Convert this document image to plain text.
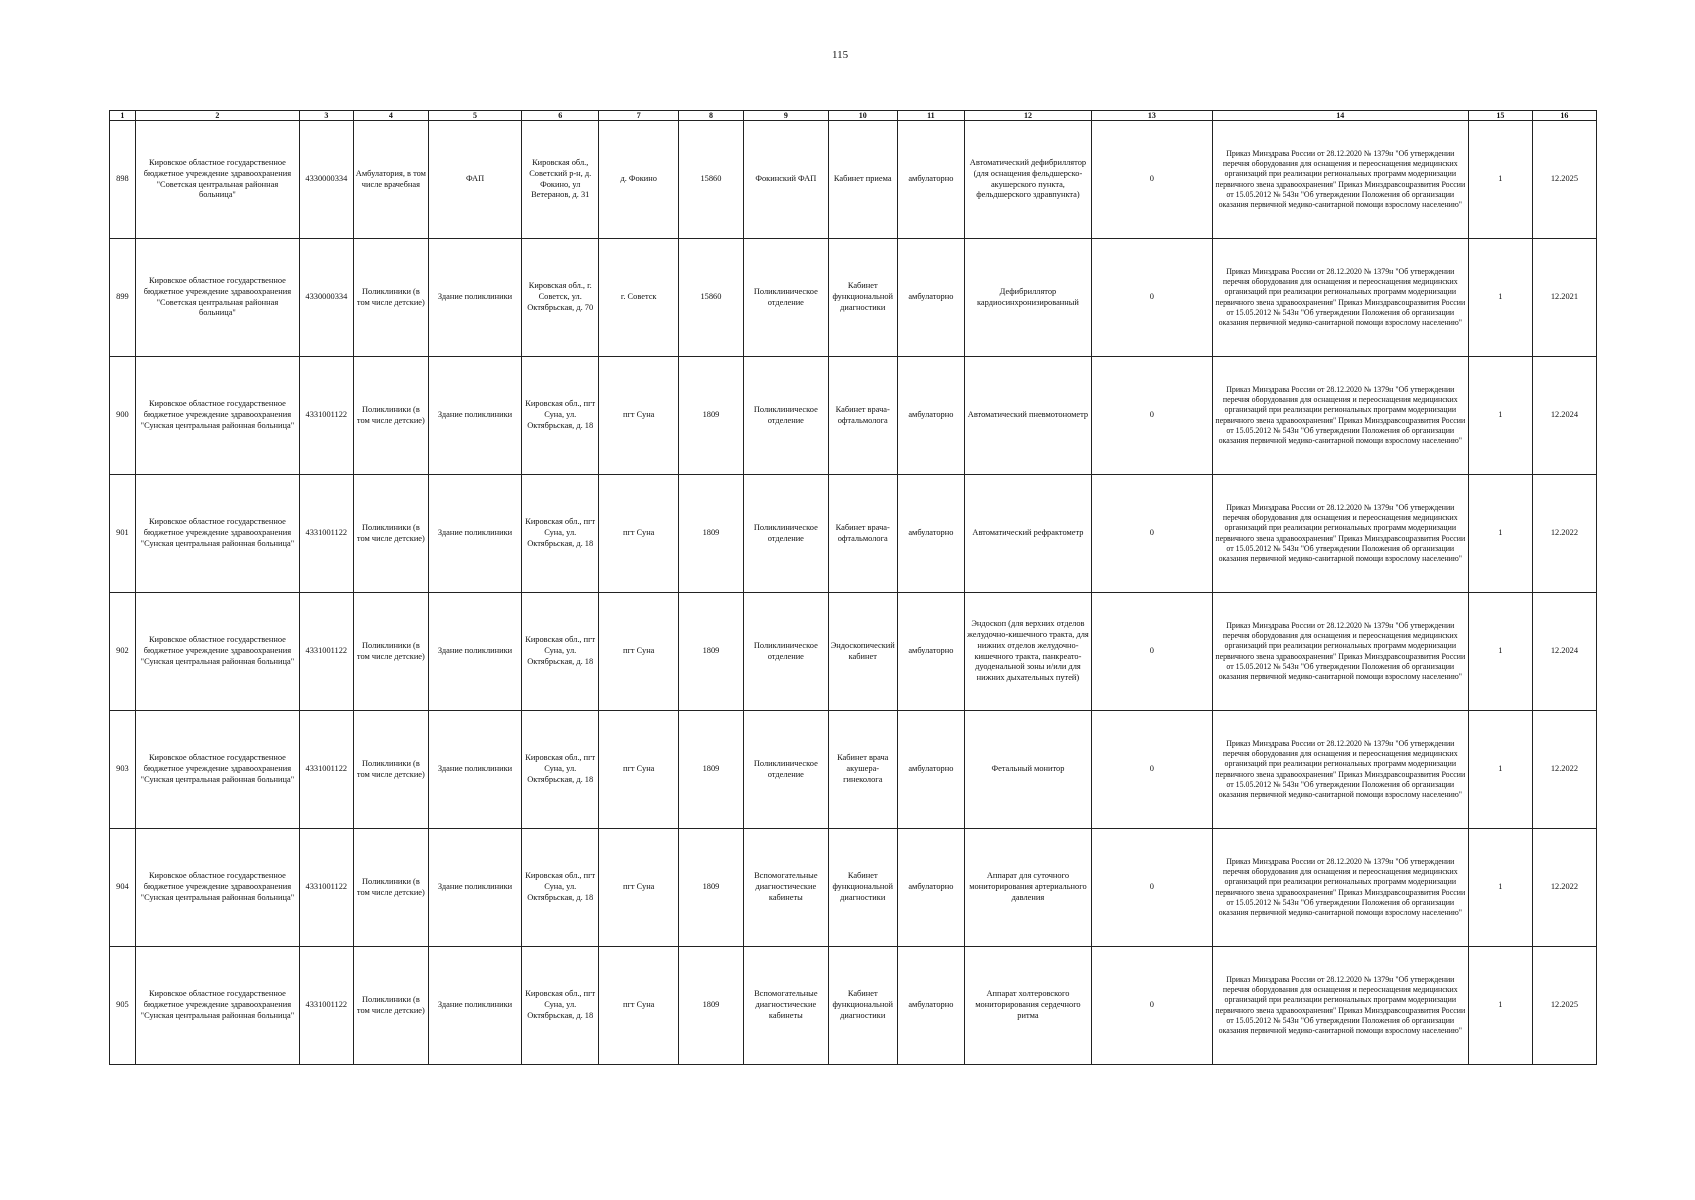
115
1	2	3	4	5	6	7	8	9	10	11	12	13	14	15	16
898	Кировское областное государственное бюджетное учреждение здравоохранения "Советская центральная районная больница"	4330000334	Амбулатория, в том числе врачебная	ФАП	Кировская обл., Советский р-н, д. Фокино, ул Ветеранов, д. 31	д. Фокино	15860	Фокинский ФАП	Кабинет приема	амбулаторно	Автоматический дефибриллятор (для оснащения фельдшерско-акушерского пункта, фельдшерского здравпункта)	0	Приказ Минздрава России от 28.12.2020 № 1379н "Об утверждении перечня оборудования для оснащения и переоснащения медицинских организаций при реализации региональных программ модернизации первичного звена здравоохранения" Приказ Минздравсоцразвития России от 15.05.2012 № 543н "Об утверждении Положения об организации оказания первичной медико-санитарной помощи взрослому населению"	1	12.2025
899	Кировское областное государственное бюджетное учреждение здравоохранения "Советская центральная районная больница"	4330000334	Поликлиники (в том числе детские)	Здание поликлиники	Кировская обл., г. Советск, ул. Октябрьская, д. 70	г. Советск	15860	Поликлиническое отделение	Кабинет функциональной диагностики	амбулаторно	Дефибриллятор кардиосинхронизированный	0	Приказ Минздрава России от 28.12.2020 № 1379н "Об утверждении перечня оборудования для оснащения и переоснащения медицинских организаций при реализации региональных программ модернизации первичного звена здравоохранения" Приказ Минздравсоцразвития России от 15.05.2012 № 543н "Об утверждении Положения об организации оказания первичной медико-санитарной помощи взрослому населению"	1	12.2021
900	Кировское областное государственное бюджетное учреждение здравоохранения "Сунская центральная районная больница"	4331001122	Поликлиники (в том числе детские)	Здание поликлиники	Кировская обл., пгт Суна, ул. Октябрьская, д. 18	пгт Суна	1809	Поликлиническое отделение	Кабинет врача-офтальмолога	амбулаторно	Автоматический пневмотонометр	0	Приказ Минздрава России от 28.12.2020 № 1379н "Об утверждении перечня оборудования для оснащения и переоснащения медицинских организаций при реализации региональных программ модернизации первичного звена здравоохранения" Приказ Минздравсоцразвития России от 15.05.2012 № 543н "Об утверждении Положения об организации оказания первичной медико-санитарной помощи взрослому населению"	1	12.2024
901	Кировское областное государственное бюджетное учреждение здравоохранения "Сунская центральная районная больница"	4331001122	Поликлиники (в том числе детские)	Здание поликлиники	Кировская обл., пгт Суна, ул. Октябрьская, д. 18	пгт Суна	1809	Поликлиническое отделение	Кабинет врача-офтальмолога	амбулаторно	Автоматический рефрактометр	0	Приказ Минздрава России от 28.12.2020 № 1379н "Об утверждении перечня оборудования для оснащения и переоснащения медицинских организаций при реализации региональных программ модернизации первичного звена здравоохранения" Приказ Минздравсоцразвития России от 15.05.2012 № 543н "Об утверждении Положения об организации оказания первичной медико-санитарной помощи взрослому населению"	1	12.2022
902	Кировское областное государственное бюджетное учреждение здравоохранения "Сунская центральная районная больница"	4331001122	Поликлиники (в том числе детские)	Здание поликлиники	Кировская обл., пгт Суна, ул. Октябрьская, д. 18	пгт Суна	1809	Поликлиническое отделение	Эндоскопический кабинет	амбулаторно	Эндоскоп (для верхних отделов желудочно-кишечного тракта, для нижних отделов желудочно-кишечного тракта, панкреато-дуоденальной зоны и/или для нижних дыхательных путей)	0	Приказ Минздрава России от 28.12.2020 № 1379н "Об утверждении перечня оборудования для оснащения и переоснащения медицинских организаций при реализации региональных программ модернизации первичного звена здравоохранения" Приказ Минздравсоцразвития России от 15.05.2012 № 543н "Об утверждении Положения об организации оказания первичной медико-санитарной помощи взрослому населению"	1	12.2024
903	Кировское областное государственное бюджетное учреждение здравоохранения "Сунская центральная районная больница"	4331001122	Поликлиники (в том числе детские)	Здание поликлиники	Кировская обл., пгт Суна, ул. Октябрьская, д. 18	пгт Суна	1809	Поликлиническое отделение	Кабинет врача акушера-гинеколога	амбулаторно	Фетальный монитор	0	Приказ Минздрава России от 28.12.2020 № 1379н "Об утверждении перечня оборудования для оснащения и переоснащения медицинских организаций при реализации региональных программ модернизации первичного звена здравоохранения" Приказ Минздравсоцразвития России от 15.05.2012 № 543н "Об утверждении Положения об организации оказания первичной медико-санитарной помощи взрослому населению"	1	12.2022
904	Кировское областное государственное бюджетное учреждение здравоохранения "Сунская центральная районная больница"	4331001122	Поликлиники (в том числе детские)	Здание поликлиники	Кировская обл., пгт Суна, ул. Октябрьская, д. 18	пгт Суна	1809	Вспомогательные диагностические кабинеты	Кабинет функциональной диагностики	амбулаторно	Аппарат для суточного мониторирования артериального давления	0	Приказ Минздрава России от 28.12.2020 № 1379н "Об утверждении перечня оборудования для оснащения и переоснащения медицинских организаций при реализации региональных программ модернизации первичного звена здравоохранения" Приказ Минздравсоцразвития России от 15.05.2012 № 543н "Об утверждении Положения об организации оказания первичной медико-санитарной помощи взрослому населению"	1	12.2022
905	Кировское областное государственное бюджетное учреждение здравоохранения "Сунская центральная районная больница"	4331001122	Поликлиники (в том числе детские)	Здание поликлиники	Кировская обл., пгт Суна, ул. Октябрьская, д. 18	пгт Суна	1809	Вспомогательные диагностические кабинеты	Кабинет функциональной диагностики	амбулаторно	Аппарат холтеровского мониторирования сердечного ритма	0	Приказ Минздрава России от 28.12.2020 № 1379н "Об утверждении перечня оборудования для оснащения и переоснащения медицинских организаций при реализации региональных программ модернизации первичного звена здравоохранения" Приказ Минздравсоцразвития России от 15.05.2012 № 543н "Об утверждении Положения об организации оказания первичной медико-санитарной помощи взрослому населению"	1	12.2025
